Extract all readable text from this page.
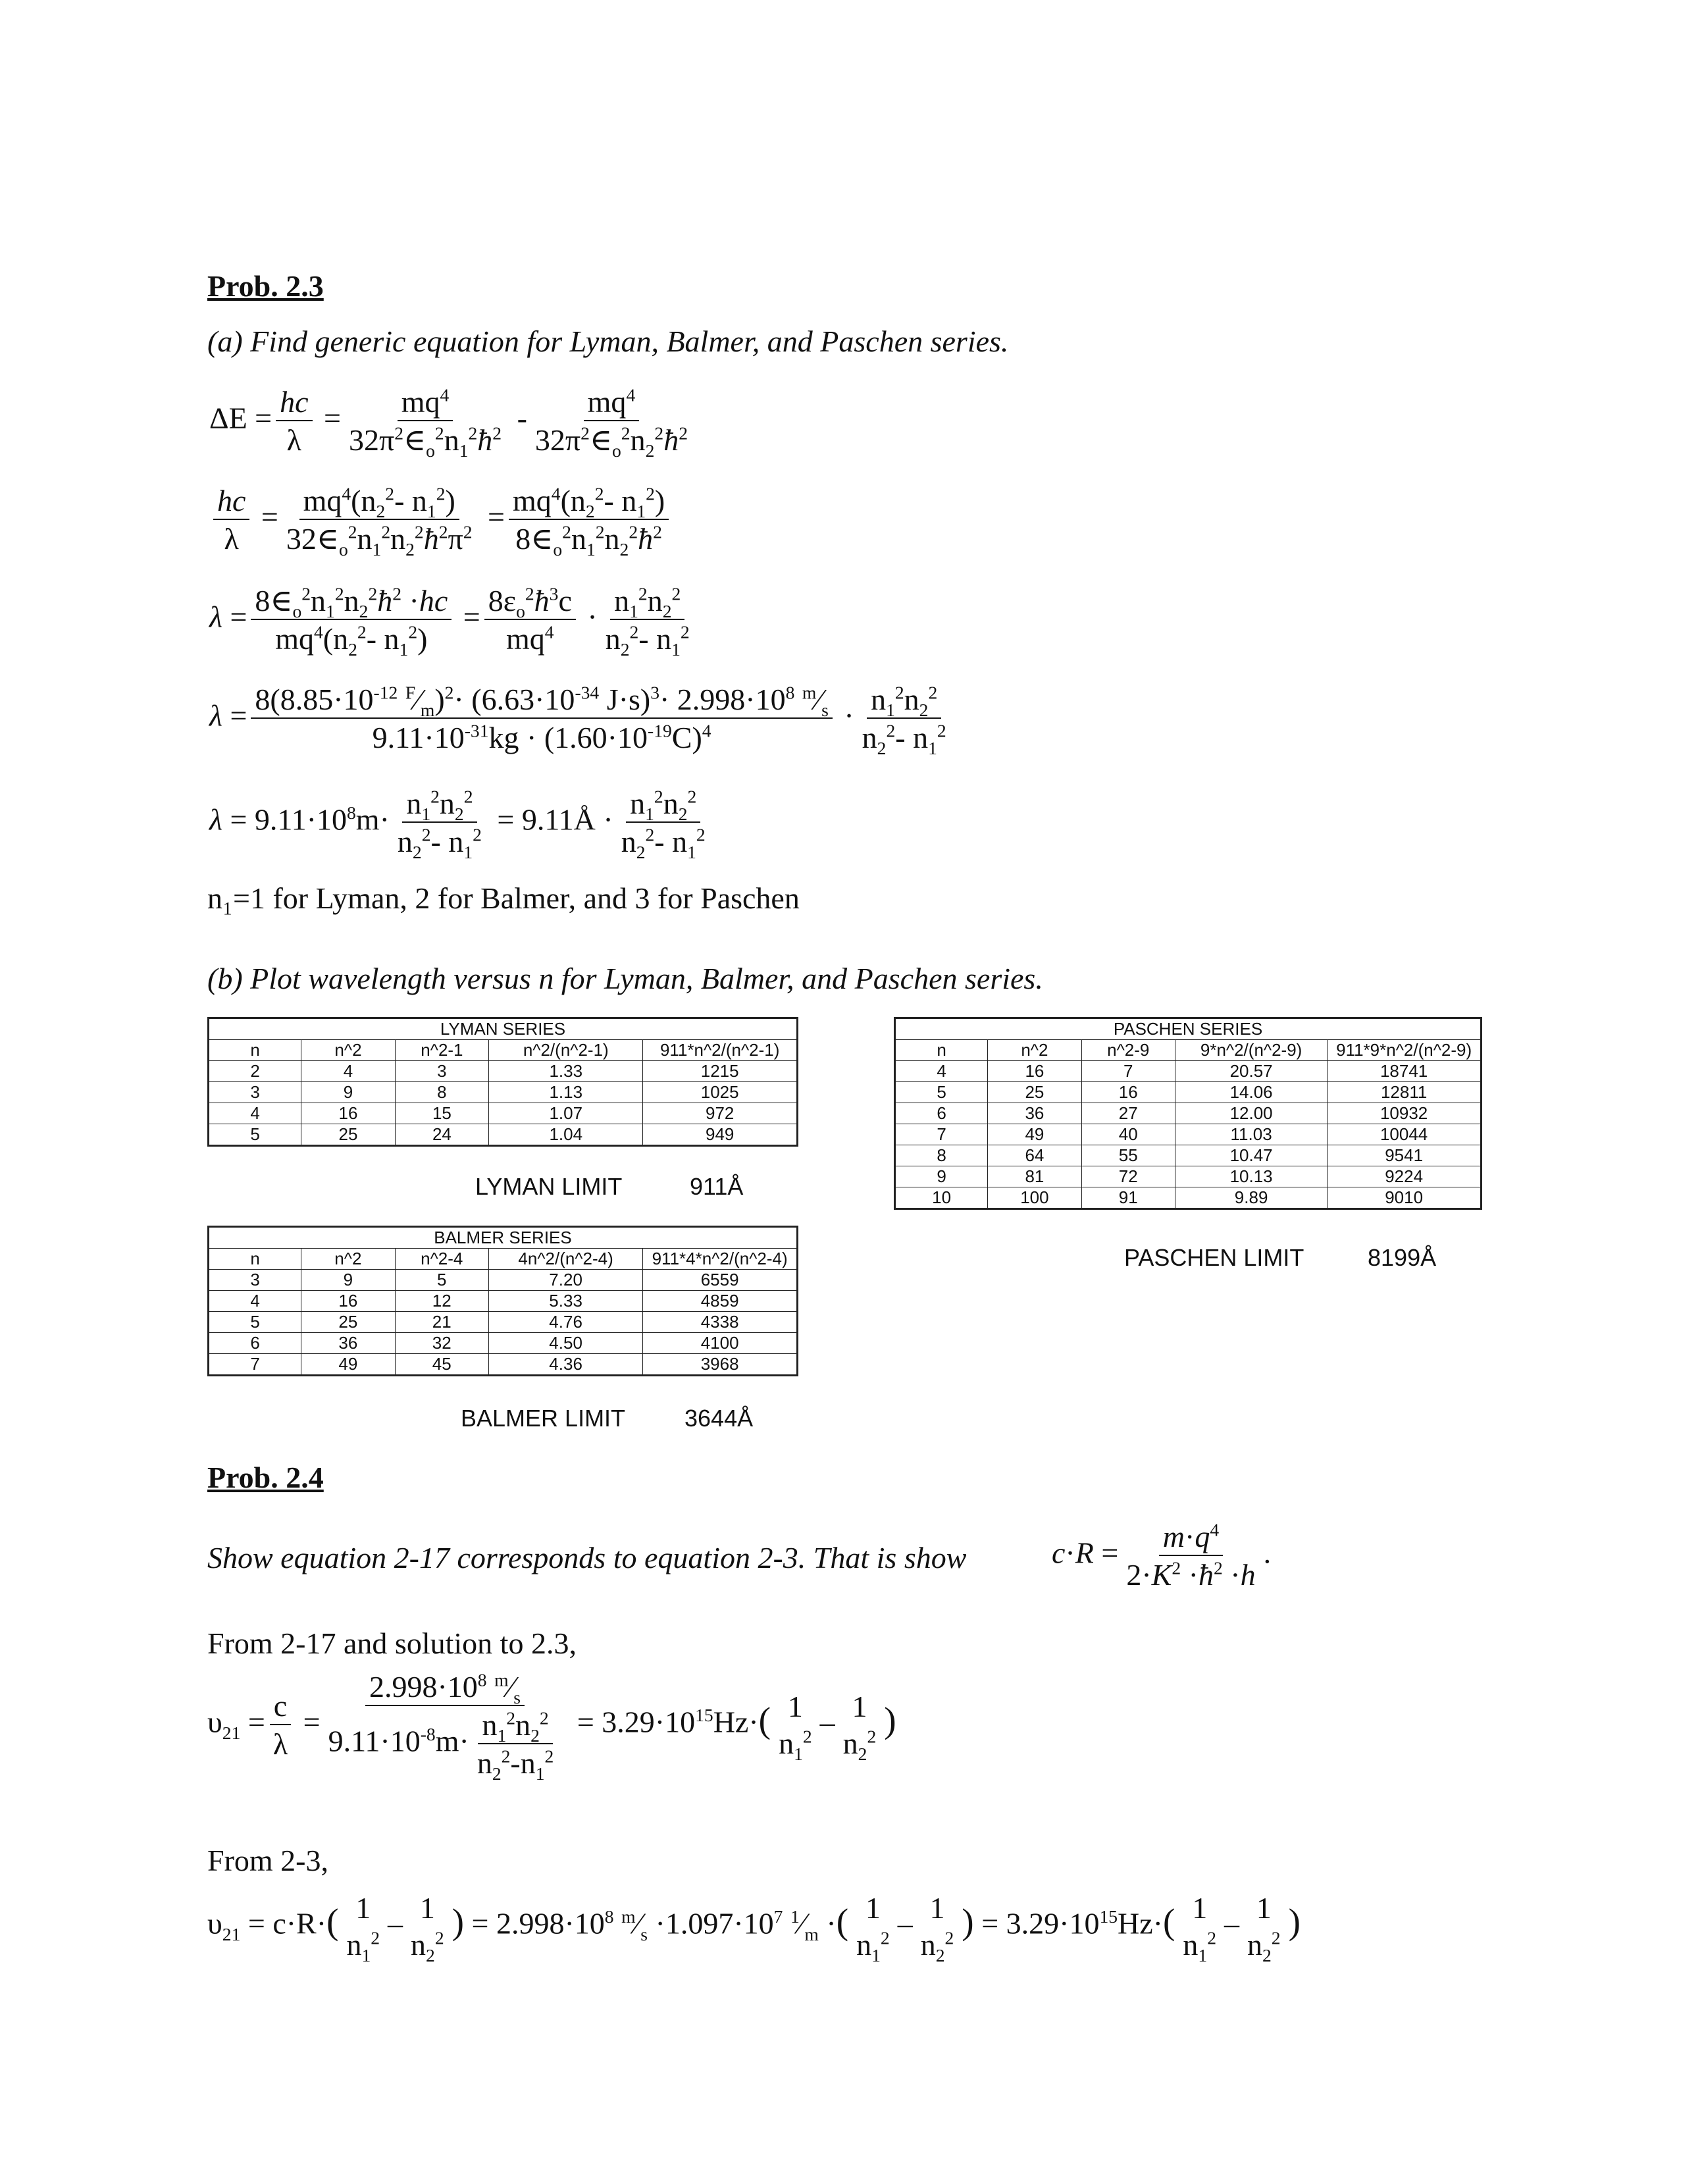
Prob. 2.3
(a) Find generic equation for Lyman, Balmer, and Paschen series.
$\Delta E = \frac{hc}{\lambda} = \frac{mq^4}{32\pi^2\in_o^2n_1^2ħ^2} - \frac{mq^4}{32\pi^2\in_o^2n_2^2ħ^2}$
$\frac{hc}{\lambda} = \frac{mq^4(n_2^2- n_1^2)}{32\in_o^2n_1^2n_2^2ħ^2\pi^2} = \frac{mq^4(n_2^2- n_1^2)}{8\in_o^2n_1^2n_2^2ħ^2}$
$\lambda = \frac{8\in_o^2n_1^2n_2^2ħ^2 \cdot hc}{mq^4(n_2^2- n_1^2)} = \frac{8\varepsilon_o^2ħ^3c}{mq^4} \cdot \frac{n_1^2n_2^2}{n_2^2- n_1^2}$
$\lambda = \frac{8(8.85\cdot 10^{-12} ^F⁄_m)^2\cdot (6.63\cdot 10^{-34} J\cdot s)^3\cdot 2.998\cdot 10^8 ^m⁄_s}{9.11\cdot 10^{-31}kg \cdot (1.60\cdot 10^{-19}C)^4} \cdot \frac{n_1^2n_2^2}{n_2^2- n_1^2}$
$\lambda = 9.11\cdot 10^8m\cdot \frac{n_1^2n_2^2}{n_2^2- n_1^2}$ = 9.11Å · $\frac{n_1^2n_2^2}{n_2^2- n_1^2}$
n₁=1 for Lyman, 2 for Balmer, and 3 for Paschen
(b) Plot wavelength versus n for Lyman, Balmer, and Paschen series.
LYMAN SERIES				
n	n^2	n^2-1	n^2/(n^2-1)	911*n^2/(n^2-1)
2	4	3	1.33	1215
3	9	8	1.13	1025
4	16	15	1.07	972
5	25	24	1.04	949
LYMAN LIMIT	911Å
BALMER SERIES				
n	n^2	n^2-4	4n^2/(n^2-4)	911*4*n^2/(n^2-4)
3	9	5	7.20	6559
4	16	12	5.33	4859
5	25	21	4.76	4338
6	36	32	4.50	4100
7	49	45	4.36	3968
BALMER LIMIT 3644Å
PASCHEN SERIES				
n	n^2	n^2-9	9*n^2/(n^2-9)	911*9*n^2/(n^2-9)
4	16	7	20.57	18741
5	25	16	14.06	12811
6	36	27	12.00	10932
7	49	40	11.03	10044
8	64	55	10.47	9541
9	81	72	10.13	9224
10	100	91	9.89	9010
PASCHEN LIMIT	8199Å
Prob. 2.4
Show equation 2-17 corresponds to equation 2-3. That is show	$c\cdot R = \frac{m\cdot q^4}{2\cdot K^2 \cdot ħ^2 \cdot h}$ .
From 2-17 and solution to 2.3,
$\upsilon_{21} = \frac{c}{\lambda} = \frac{2.998\cdot 10^8 ^m⁄_s}{9.11\cdot 10^{-8}m\cdot \frac{n_1^2n_2^2}{n_2^2-n_1^2}} = 3.29\cdot 10^{15}Hz\cdot$( 1
$n_1^2 - 1$
$n_2^2$ )
From 2-3,
$\upsilon_{21} = c\cdot R\cdot$( 1
$n_1^2 - 1$
$n_2^2$ ) = $2.998\cdot 10^8$ $^m⁄_s \cdot 1.097\cdot 10^7$ $^1⁄_m$ ·( 1
$n_1^2 - 1$
$n_2^2$ ) = $3.29\cdot 10^{15}Hz\cdot$( 1
$n_1^2 - 1$
$n_2^2$ )
